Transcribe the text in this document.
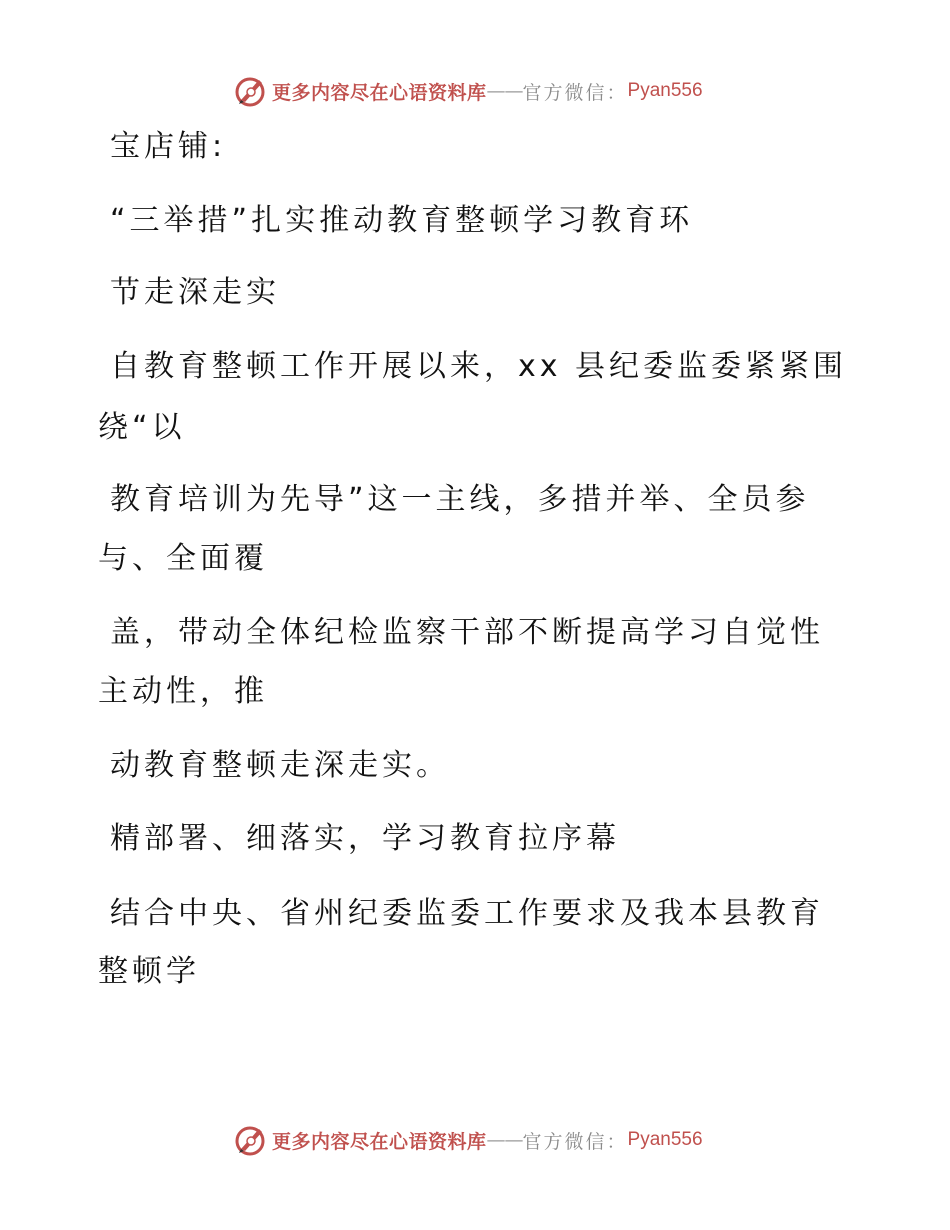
更多内容尽在心语资料库 —— 官方微信： Pyan556
宝店铺:
“三举措”扎实推动教育整顿学习教育环
节走深走实
自教育整顿工作开展以来，xx 县纪委监委紧紧围
绕“以
教育培训为先导”这一主线，多措并举、全员参
与、全面覆
盖，带动全体纪检监察干部不断提高学习自觉性
主动性，推
动教育整顿走深走实。
精部署、细落实，学习教育拉序幕
结合中央、省州纪委监委工作要求及我本县教育
整顿学
更多内容尽在心语资料库 —— 官方微信： Pyan556
